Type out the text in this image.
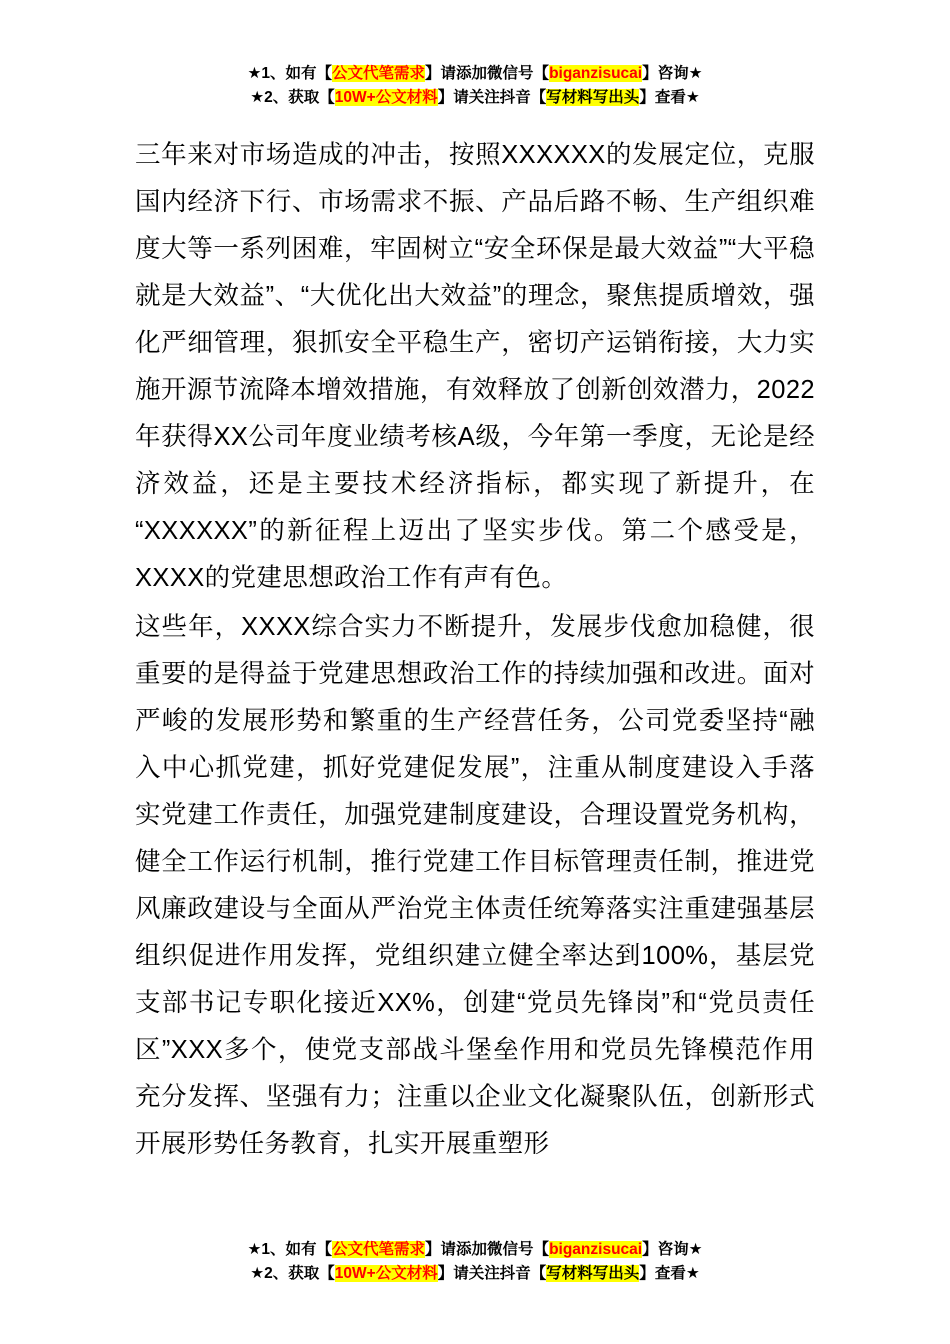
★1、如有【公文代笔需求】请添加微信号【biganzisucai】咨询★
★2、获取【10W+公文材料】请关注抖音【写材料写出头】查看★

三年来对市场造成的冲击，按照XXXXXX的发展定位，克服国内经济下行、市场需求不振、产品后路不畅、生产组织难度大等一系列困难，牢固树立“安全环保是最大效益”“大平稳就是大效益”、“大优化出大效益”的理念，聚焦提质增效，强化严细管理，狠抓安全平稳生产，密切产运销衔接，大力实施开源节流降本增效措施，有效释放了创新创效潜力，2022年获得XX公司年度业绩考核A级，今年第一季度，无论是经济效益，还是主要技术经济指标，都实现了新提升，在“XXXXXX”的新征程上迈出了坚实步伐。第二个感受是，XXXX的党建思想政治工作有声有色。

这些年，XXXX综合实力不断提升，发展步伐愈加稳健，很重要的是得益于党建思想政治工作的持续加强和改进。面对严峻的发展形势和繁重的生产经营任务，公司党委坚持“融入中心抓党建，抓好党建促发展”，注重从制度建设入手落实党建工作责任，加强党建制度建设，合理设置党务机构，健全工作运行机制，推行党建工作目标管理责任制，推进党风廉政建设与全面从严治党主体责任统筹落实注重建强基层组织促进作用发挥，党组织建立健全率达到100%，基层党支部书记专职化接近XX%，创建“党员先锋岗”和“党员责任区”XXX多个，使党支部战斗堡垒作用和党员先锋模范作用充分发挥、坚强有力；注重以企业文化凝聚队伍，创新形式开展形势任务教育，扎实开展重塑形

★1、如有【公文代笔需求】请添加微信号【biganzisucai】咨询★
★2、获取【10W+公文材料】请关注抖音【写材料写出头】查看★
